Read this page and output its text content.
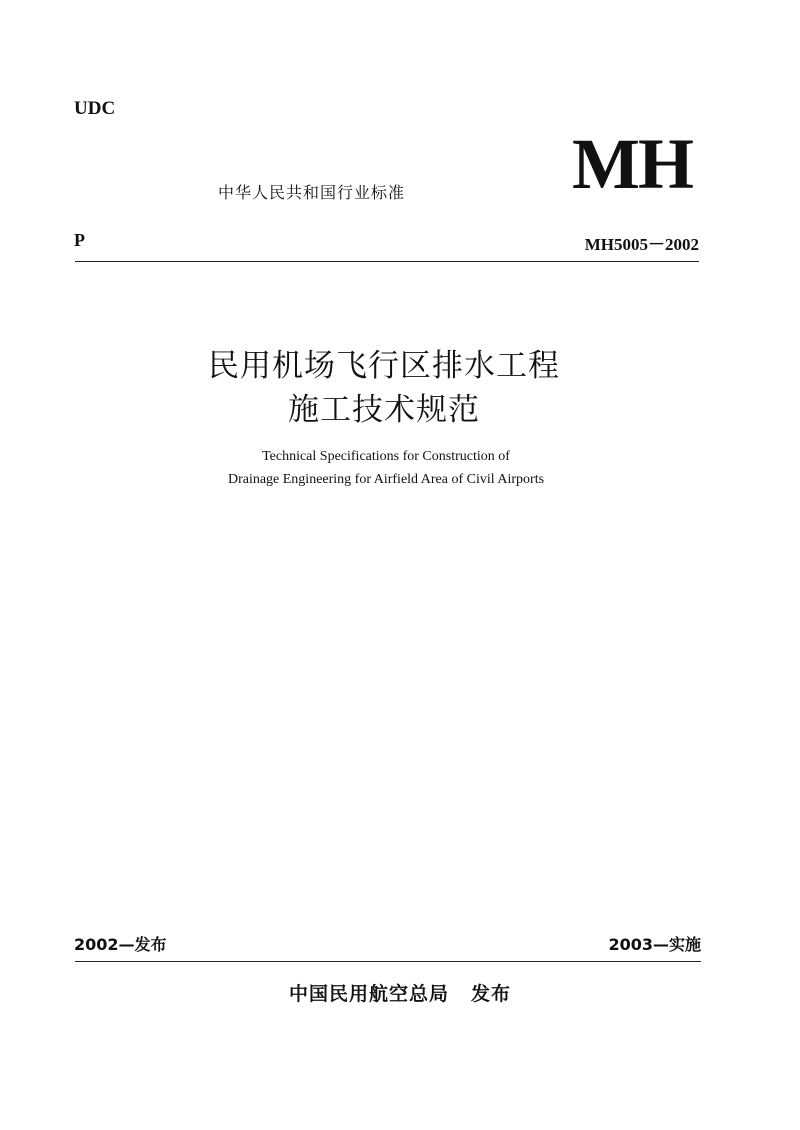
UDC
中华人民共和国行业标准 MH
P	MH5005－2002
民用机场飞行区排水工程
施工技术规范
Technical Specifications for Construction of
Drainage Engineering for Airfield Area of Civil Airports
2002—发布	2003—实施
中国民用航空总局 发布
